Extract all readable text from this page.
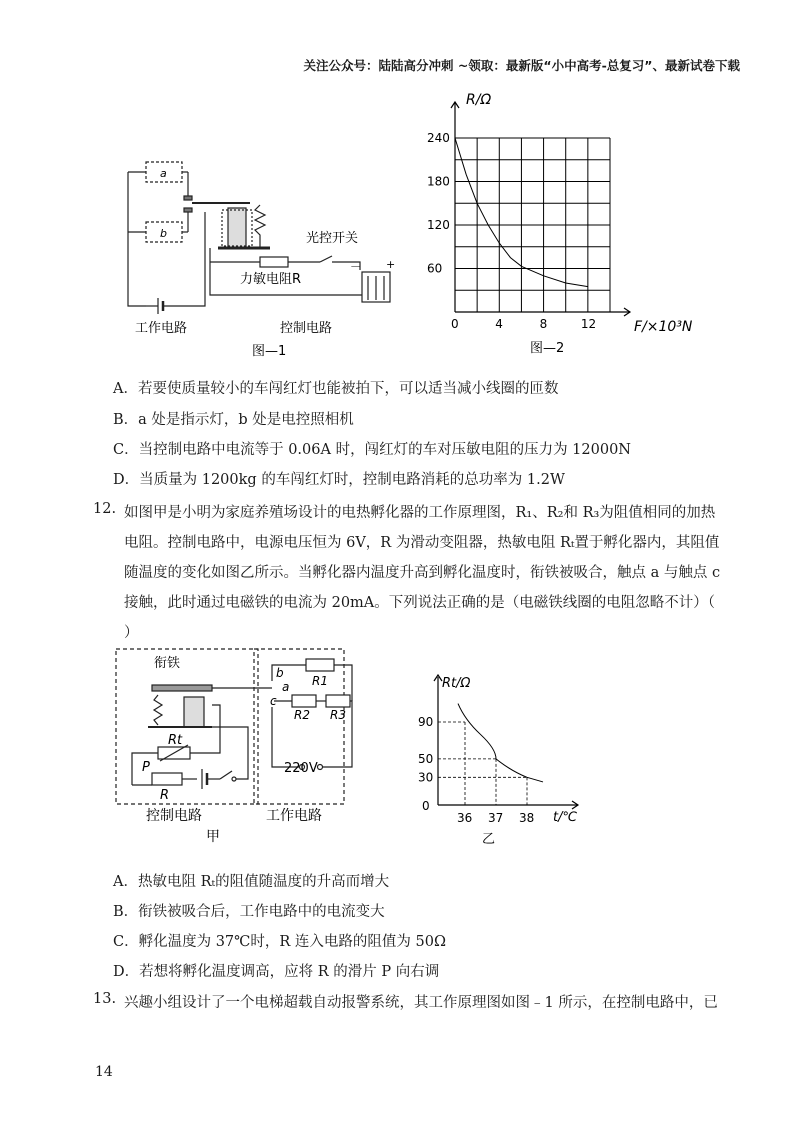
关注公众号：陆陆高分冲刺 ~领取：最新版“小中高考-总复习”、最新试卷下载
a
b	光控开关
力敏电阻R
－ +
工作电路	控制电路
图—1
0	4	8	12
60
120
180
240
R/Ω
F/×10³N
图—2
A．若要使质量较小的车闯红灯也能被拍下，可以适当减小线圈的匝数
B．a 处是指示灯，b 处是电控照相机
C．当控制电路中电流等于 0.06A 时，闯红灯的车对压敏电阻的压力为 12000N
D．当质量为 1200kg 的车闯红灯时，控制电路消耗的总功率为 1.2W
12. 如图甲是小明为家庭养殖场设计的电热孵化器的工作原理图，R₁、R₂和 R₃为阻值相同的加热
电阻。控制电路中，电源电压恒为 6V，R 为滑动变阻器，热敏电阻 Rₜ置于孵化器内，其阻值
随温度的变化如图乙所示。当孵化器内温度升高到孵化温度时，衔铁被吸合，触点 a 与触点 c
接触，此时通过电磁铁的电流为 20mA。下列说法正确的是（电磁铁线圈的电阻忽略不计）（
）
衔铁
Rt
P
R
R1
R2 R3
b
a
c
220V
控制电路	工作电路
甲
36 37 38
30
50
90
Rt/Ω
t/℃
0
乙
A．热敏电阻 Rₜ的阻值随温度的升高而增大
B．衔铁被吸合后，工作电路中的电流变大
C．孵化温度为 37℃时，R 连入电路的阻值为 50Ω
D．若想将孵化温度调高，应将 R 的滑片 P 向右调
13. 兴趣小组设计了一个电梯超载自动报警系统，其工作原理图如图﹣1 所示，在控制电路中，已
14
